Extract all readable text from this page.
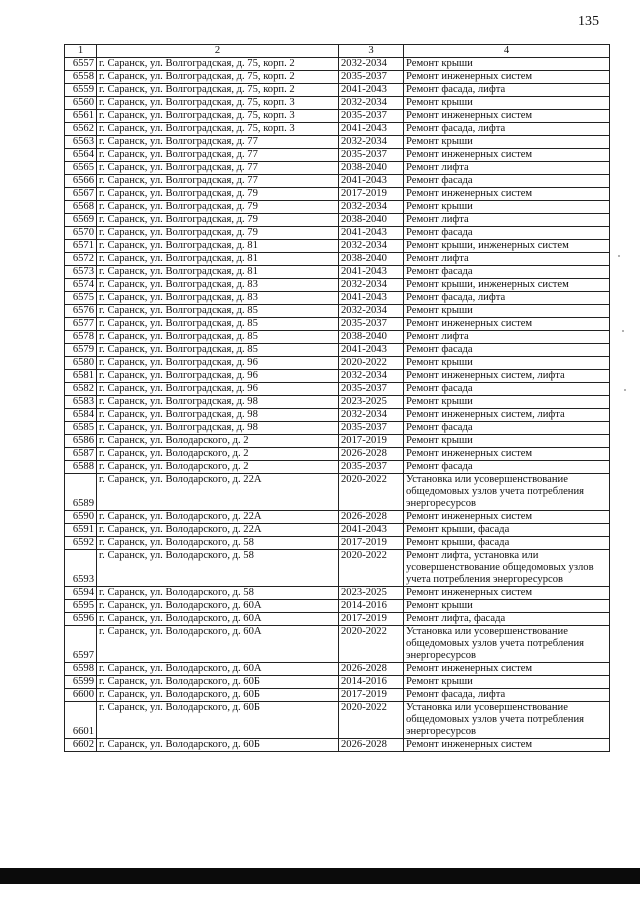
135
1	2	3	4
6557	г. Саранск, ул. Волгоградская, д. 75, корп. 2	2032-2034	Ремонт крыши
6558	г. Саранск, ул. Волгоградская, д. 75, корп. 2	2035-2037	Ремонт инженерных систем
6559	г. Саранск, ул. Волгоградская, д. 75, корп. 2	2041-2043	Ремонт фасада, лифта
6560	г. Саранск, ул. Волгоградская, д. 75, корп. 3	2032-2034	Ремонт крыши
6561	г. Саранск, ул. Волгоградская, д. 75, корп. 3	2035-2037	Ремонт инженерных систем
6562	г. Саранск, ул. Волгоградская, д. 75, корп. 3	2041-2043	Ремонт фасада, лифта
6563	г. Саранск, ул. Волгоградская, д. 77	2032-2034	Ремонт крыши
6564	г. Саранск, ул. Волгоградская, д. 77	2035-2037	Ремонт инженерных систем
6565	г. Саранск, ул. Волгоградская, д. 77	2038-2040	Ремонт лифта
6566	г. Саранск, ул. Волгоградская, д. 77	2041-2043	Ремонт фасада
6567	г. Саранск, ул. Волгоградская, д. 79	2017-2019	Ремонт инженерных систем
6568	г. Саранск, ул. Волгоградская, д. 79	2032-2034	Ремонт крыши
6569	г. Саранск, ул. Волгоградская, д. 79	2038-2040	Ремонт лифта
6570	г. Саранск, ул. Волгоградская, д. 79	2041-2043	Ремонт фасада
6571	г. Саранск, ул. Волгоградская, д. 81	2032-2034	Ремонт крыши, инженерных систем
6572	г. Саранск, ул. Волгоградская, д. 81	2038-2040	Ремонт лифта
6573	г. Саранск, ул. Волгоградская, д. 81	2041-2043	Ремонт фасада
6574	г. Саранск, ул. Волгоградская, д. 83	2032-2034	Ремонт крыши, инженерных систем
6575	г. Саранск, ул. Волгоградская, д. 83	2041-2043	Ремонт фасада, лифта
6576	г. Саранск, ул. Волгоградская, д. 85	2032-2034	Ремонт крыши
6577	г. Саранск, ул. Волгоградская, д. 85	2035-2037	Ремонт инженерных систем
6578	г. Саранск, ул. Волгоградская, д. 85	2038-2040	Ремонт лифта
6579	г. Саранск, ул. Волгоградская, д. 85	2041-2043	Ремонт фасада
6580	г. Саранск, ул. Волгоградская, д. 96	2020-2022	Ремонт крыши
6581	г. Саранск, ул. Волгоградская, д. 96	2032-2034	Ремонт инженерных систем, лифта
6582	г. Саранск, ул. Волгоградская, д. 96	2035-2037	Ремонт фасада
6583	г. Саранск, ул. Волгоградская, д. 98	2023-2025	Ремонт крыши
6584	г. Саранск, ул. Волгоградская, д. 98	2032-2034	Ремонт инженерных систем, лифта
6585	г. Саранск, ул. Волгоградская, д. 98	2035-2037	Ремонт фасада
6586	г. Саранск, ул. Володарского, д. 2	2017-2019	Ремонт крыши
6587	г. Саранск, ул. Володарского, д. 2	2026-2028	Ремонт инженерных систем
6588	г. Саранск, ул. Володарского, д. 2	2035-2037	Ремонт фасада
6589	г. Саранск, ул. Володарского, д. 22А	2020-2022	Установка или усовершенствование общедомовых узлов учета потребления энергоресурсов
6590	г. Саранск, ул. Володарского, д. 22А	2026-2028	Ремонт инженерных систем
6591	г. Саранск, ул. Володарского, д. 22А	2041-2043	Ремонт крыши, фасада
6592	г. Саранск, ул. Володарского, д. 58	2017-2019	Ремонт крыши, фасада
6593	г. Саранск, ул. Володарского, д. 58	2020-2022	Ремонт лифта, установка или усовершенствование общедомовых узлов учета потребления энергоресурсов
6594	г. Саранск, ул. Володарского, д. 58	2023-2025	Ремонт инженерных систем
6595	г. Саранск, ул. Володарского, д. 60А	2014-2016	Ремонт крыши
6596	г. Саранск, ул. Володарского, д. 60А	2017-2019	Ремонт лифта, фасада
6597	г. Саранск, ул. Володарского, д. 60А	2020-2022	Установка или усовершенствование общедомовых узлов учета потребления энергоресурсов
6598	г. Саранск, ул. Володарского, д. 60А	2026-2028	Ремонт инженерных систем
6599	г. Саранск, ул. Володарского, д. 60Б	2014-2016	Ремонт крыши
6600	г. Саранск, ул. Володарского, д. 60Б	2017-2019	Ремонт фасада, лифта
6601	г. Саранск, ул. Володарского, д. 60Б	2020-2022	Установка или усовершенствование общедомовых узлов учета потребления энергоресурсов
6602	г. Саранск, ул. Володарского, д. 60Б	2026-2028	Ремонт инженерных систем
